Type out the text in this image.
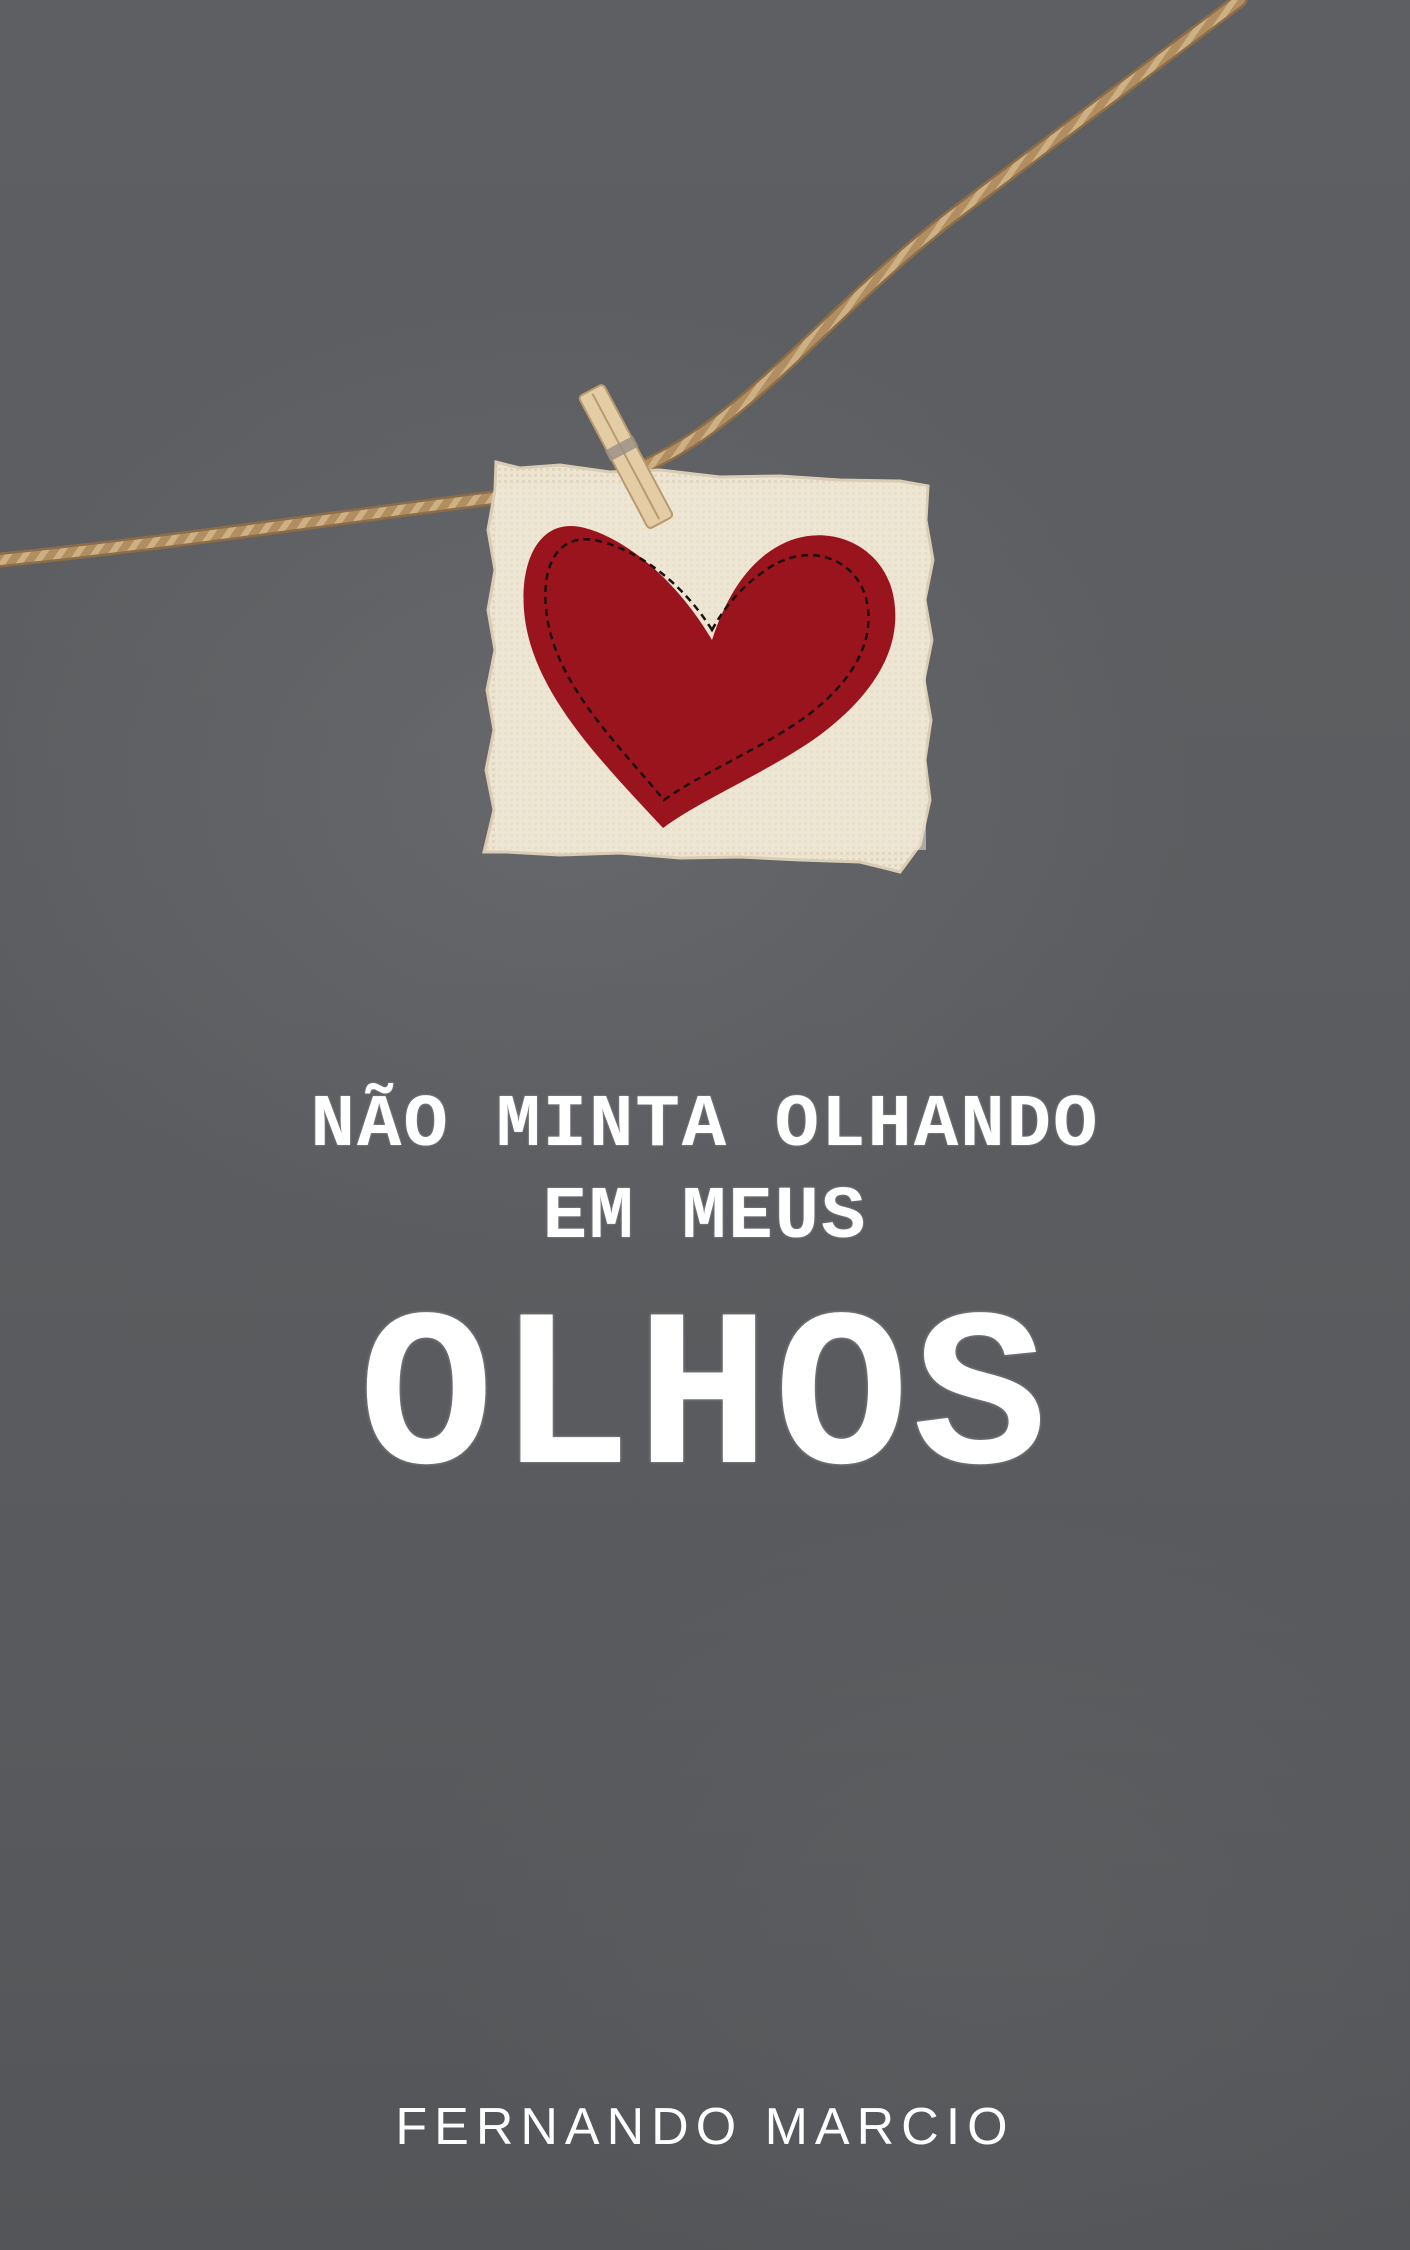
NÃO MINTA OLHANDO
EM MEUS
OLHOS
FERNANDO MARCIO
